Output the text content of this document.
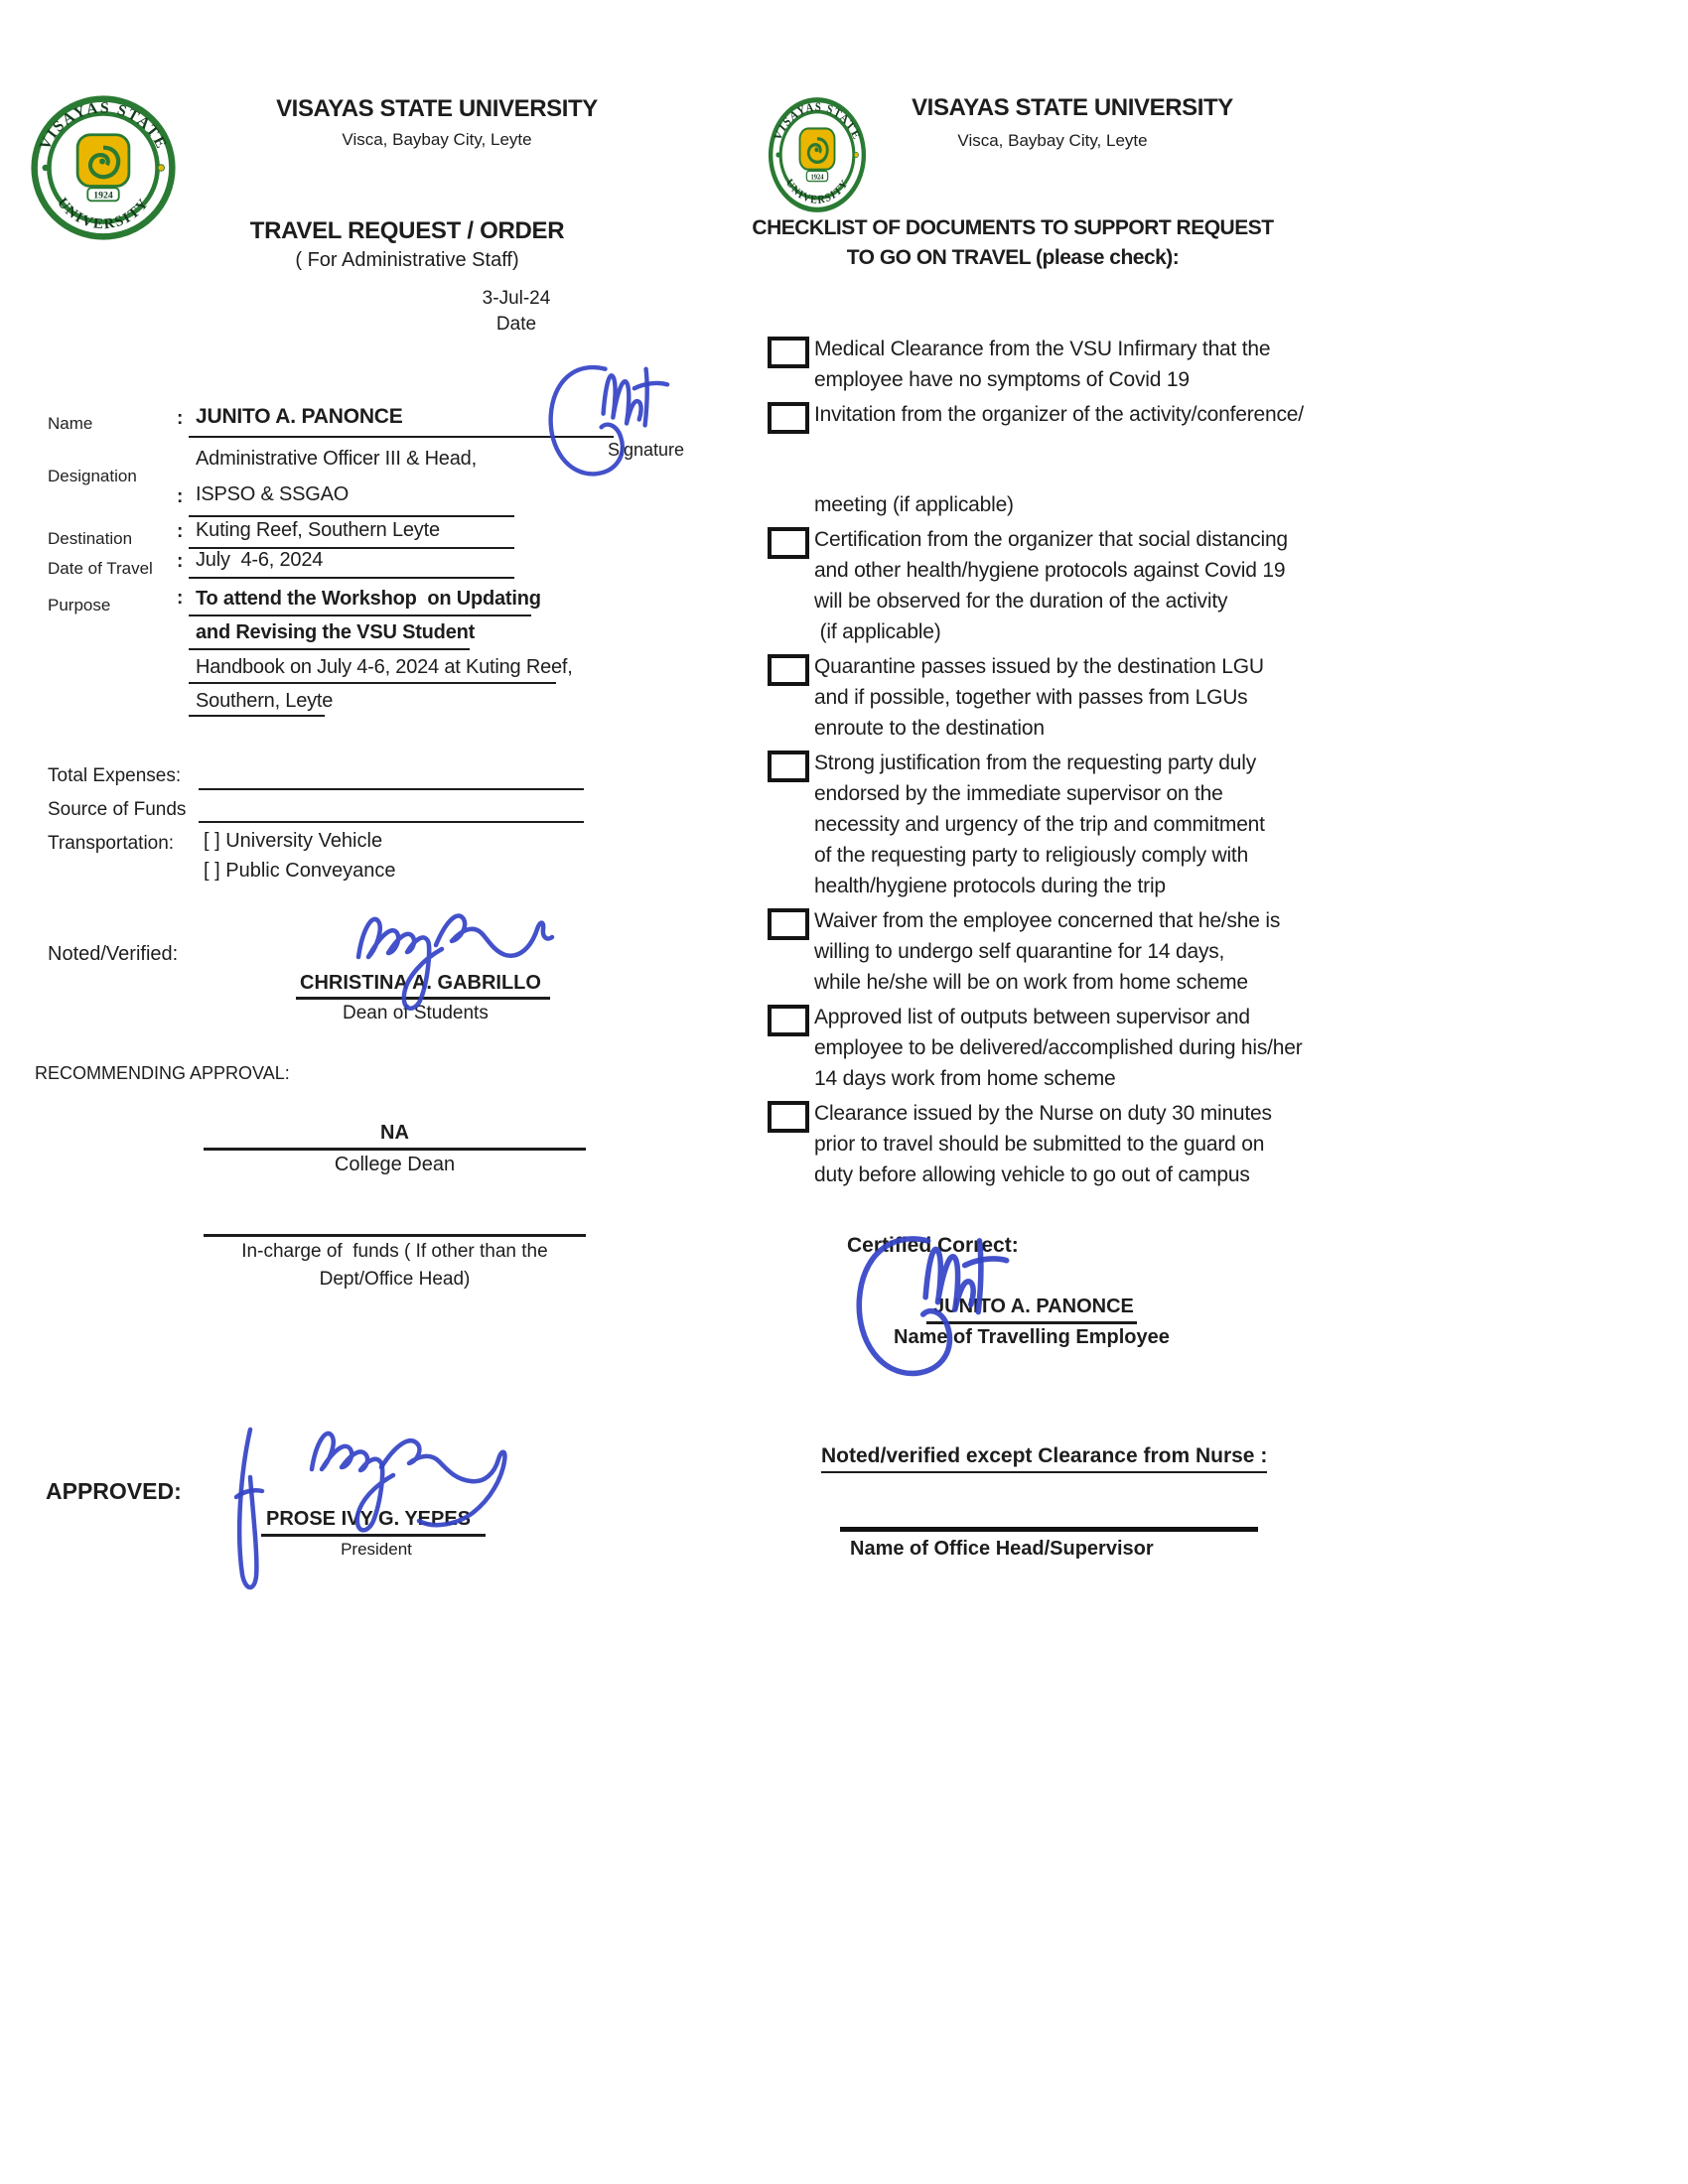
VISAYAS STATE
UNIVERSITY
1924
VISAYAS STATE UNIVERSITY
Visca, Baybay City, Leyte
TRAVEL REQUEST / ORDER
( For Administrative Staff)
3-Jul-24
Date
Name	: JUNITO A. PANONCE
Signature
Designation
:
Administrative Officer III & Head,
ISPSO & SSGAO
Destination : Kuting Reef, Southern Leyte
Date of Travel : July  4-6, 2024
Purpose	: To attend the Workshop  on Updating
and Revising the VSU Student
Handbook on July 4-6, 2024 at Kuting Reef,
Southern, Leyte
Total Expenses:
Source of Funds
Transportation: [ ] University Vehicle
[ ] Public Conveyance
Noted/Verified:
CHRISTINA A. GABRILLO
Dean of Students
RECOMMENDING APPROVAL:
NA
College Dean
In-charge of  funds ( If other than the
Dept/Office Head)
APPROVED:
PROSE IVY G. YEPES
President
VISAYAS STATE
UNIVERSITY
1924
VISAYAS STATE UNIVERSITY
Visca, Baybay City, Leyte
CHECKLIST OF DOCUMENTS TO SUPPORT REQUEST
TO GO ON TRAVEL (please check):
Medical Clearance from the VSU Infirmary that the
employee have no symptoms of Covid 19
Invitation from the organizer of the activity/conference/
meeting (if applicable)
Certification from the organizer that social distancing
and other health/hygiene protocols against Covid 19
will be observed for the duration of the activity
(if applicable)
Quarantine passes issued by the destination LGU
and if possible, together with passes from LGUs
enroute to the destination
Strong justification from the requesting party duly
endorsed by the immediate supervisor on the
necessity and urgency of the trip and commitment
of the requesting party to religiously comply with
health/hygiene protocols during the trip
Waiver from the employee concerned that he/she is
willing to undergo self quarantine for 14 days,
while he/she will be on work from home scheme
Approved list of outputs between supervisor and
employee to be delivered/accomplished during his/her
14 days work from home scheme
Clearance issued by the Nurse on duty 30 minutes
prior to travel should be submitted to the guard on
duty before allowing vehicle to go out of campus
Certified Correct:
JUNITO A. PANONCE
Name of Travelling Employee
Noted/verified except Clearance from Nurse :
Name of Office Head/Supervisor
